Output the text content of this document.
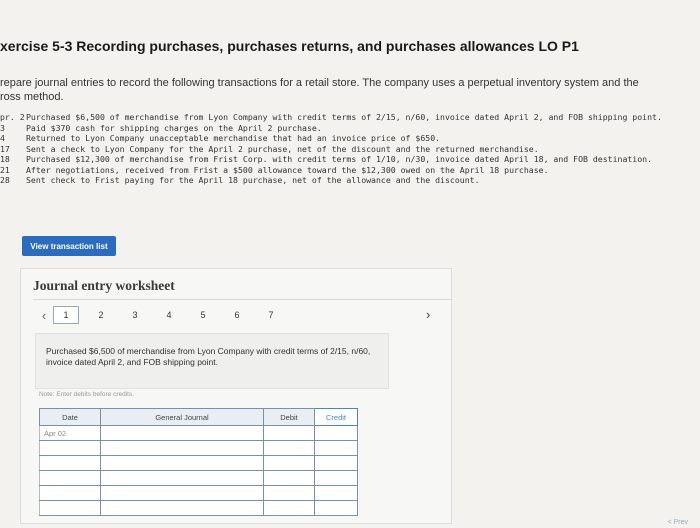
xercise 5-3 Recording purchases, purchases returns, and purchases allowances LO P1
repare journal entries to record the following transactions for a retail store. The company uses a perpetual inventory system and the
ross method.
pr. 2 Purchased $6,500 of merchandise from Lyon Company with credit terms of 2/15, n/60, invoice dated April 2, and FOB shipping point.
3	Paid $370 cash for shipping charges on the April 2 purchase.
4	Returned to Lyon Company unacceptable merchandise that had an invoice price of $650.
17	Sent a check to Lyon Company for the April 2 purchase, net of the discount and the returned merchandise.
18	Purchased $12,300 of merchandise from Frist Corp. with credit terms of 1/10, n/30, invoice dated April 18, and FOB destination.
21	After negotiations, received from Frist a $500 allowance toward the $12,300 owed on the April 18 purchase.
28	Sent check to Frist paying for the April 18 purchase, net of the allowance and the discount.
View transaction list
Journal entry worksheet
‹	1	2	3	4	5	6	7	›

Purchased $6,500 of merchandise from Lyon Company with credit terms of 2/15, n/60, invoice dated April 2, and FOB shipping point.

Note: Enter debits before credits.
Date	General Journal	Debit	Credit
Apr 02			

< Prev
